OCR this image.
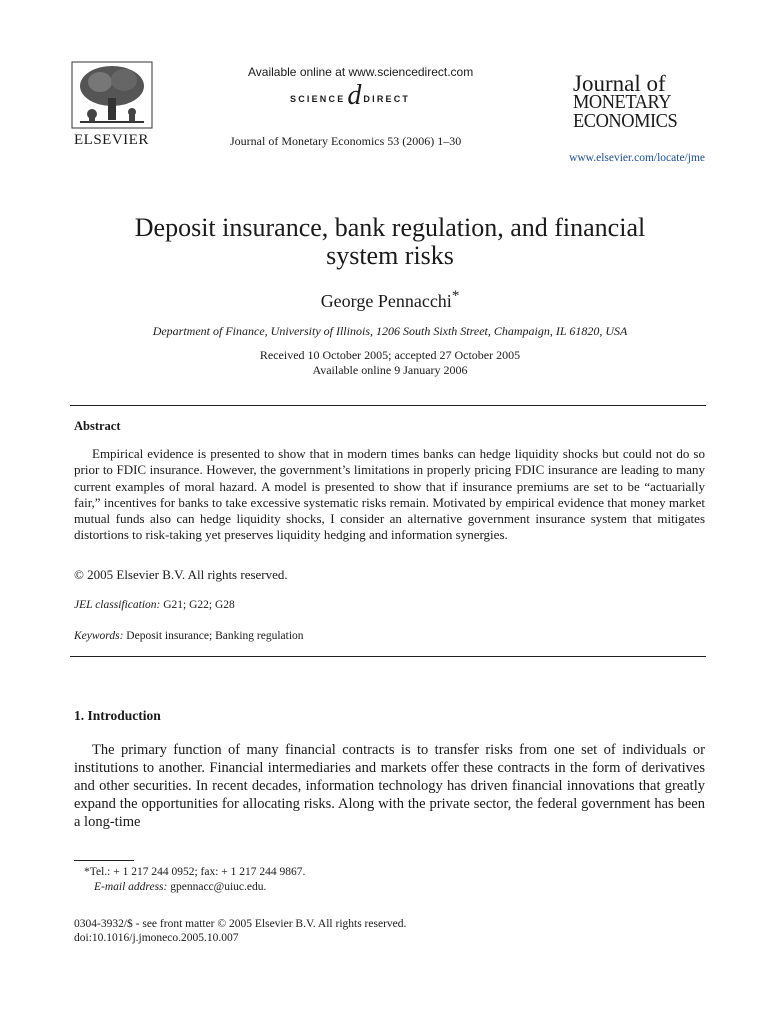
ELSEVIER
Available online at www.sciencedirect.com
SCIENCE d DIRECT
Journal of Monetary Economics 53 (2006) 1–30
Journal of
MONETARY
ECONOMICS
www.elsevier.com/locate/jme
Deposit insurance, bank regulation, and financial
system risks
George Pennacchi*
Department of Finance, University of Illinois, 1206 South Sixth Street, Champaign, IL 61820, USA
Received 10 October 2005; accepted 27 October 2005
Available online 9 January 2006
Abstract
Empirical evidence is presented to show that in modern times banks can hedge liquidity shocks but could not do so prior to FDIC insurance. However, the government’s limitations in properly pricing FDIC insurance are leading to many current examples of moral hazard. A model is presented to show that if insurance premiums are set to be “actuarially fair,” incentives for banks to take excessive systematic risks remain. Motivated by empirical evidence that money market mutual funds also can hedge liquidity shocks, I consider an alternative government insurance system that mitigates distortions to risk-taking yet preserves liquidity hedging and information synergies.
© 2005 Elsevier B.V. All rights reserved.
JEL classification: G21; G22; G28
Keywords: Deposit insurance; Banking regulation
1. Introduction
The primary function of many financial contracts is to transfer risks from one set of individuals or institutions to another. Financial intermediaries and markets offer these contracts in the form of derivatives and other securities. In recent decades, information technology has driven financial innovations that greatly expand the opportunities for allocating risks. Along with the private sector, the federal government has been a long-time
*Tel.: + 1 217 244 0952; fax: + 1 217 244 9867.
E-mail address: gpennacc@uiuc.edu.
0304-3932/$ - see front matter © 2005 Elsevier B.V. All rights reserved.
doi:10.1016/j.jmoneco.2005.10.007
